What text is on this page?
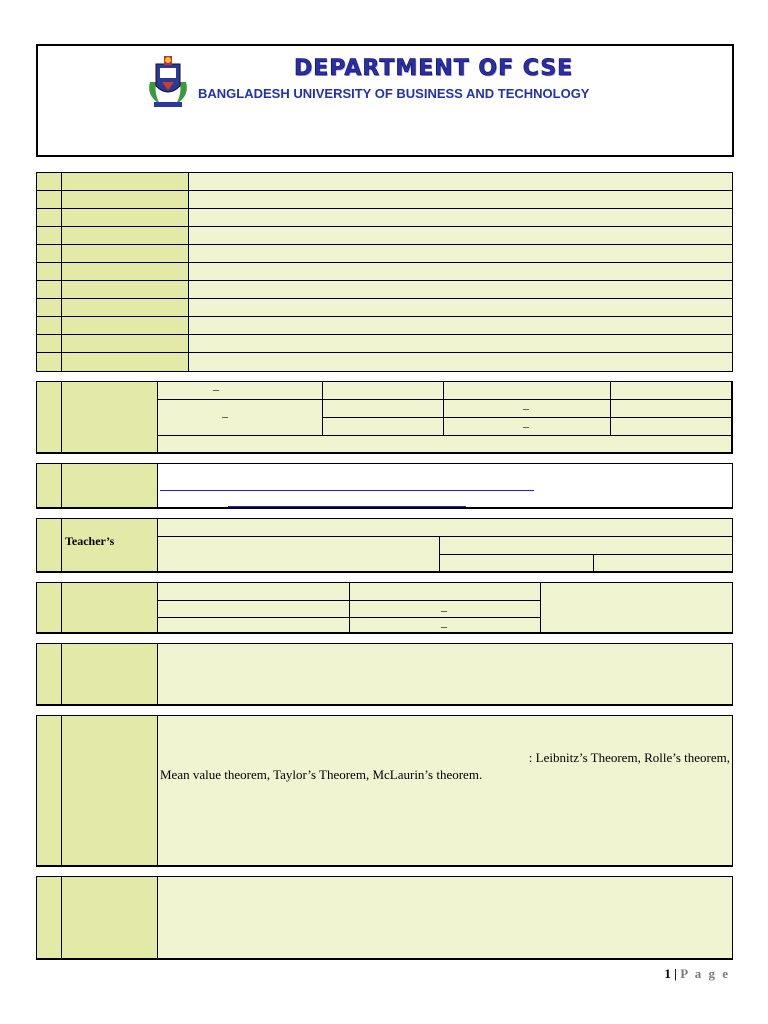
DEPARTMENT OF CSE
BANGLADESH UNIVERSITY OF BUSINESS AND TECHNOLOGY
–
–
–
–
Teacher’s
–
–
: Leibnitz’s Theorem, Rolle’s theorem,
Mean value theorem, Taylor’s Theorem, McLaurin’s theorem.
1 | P a g e
